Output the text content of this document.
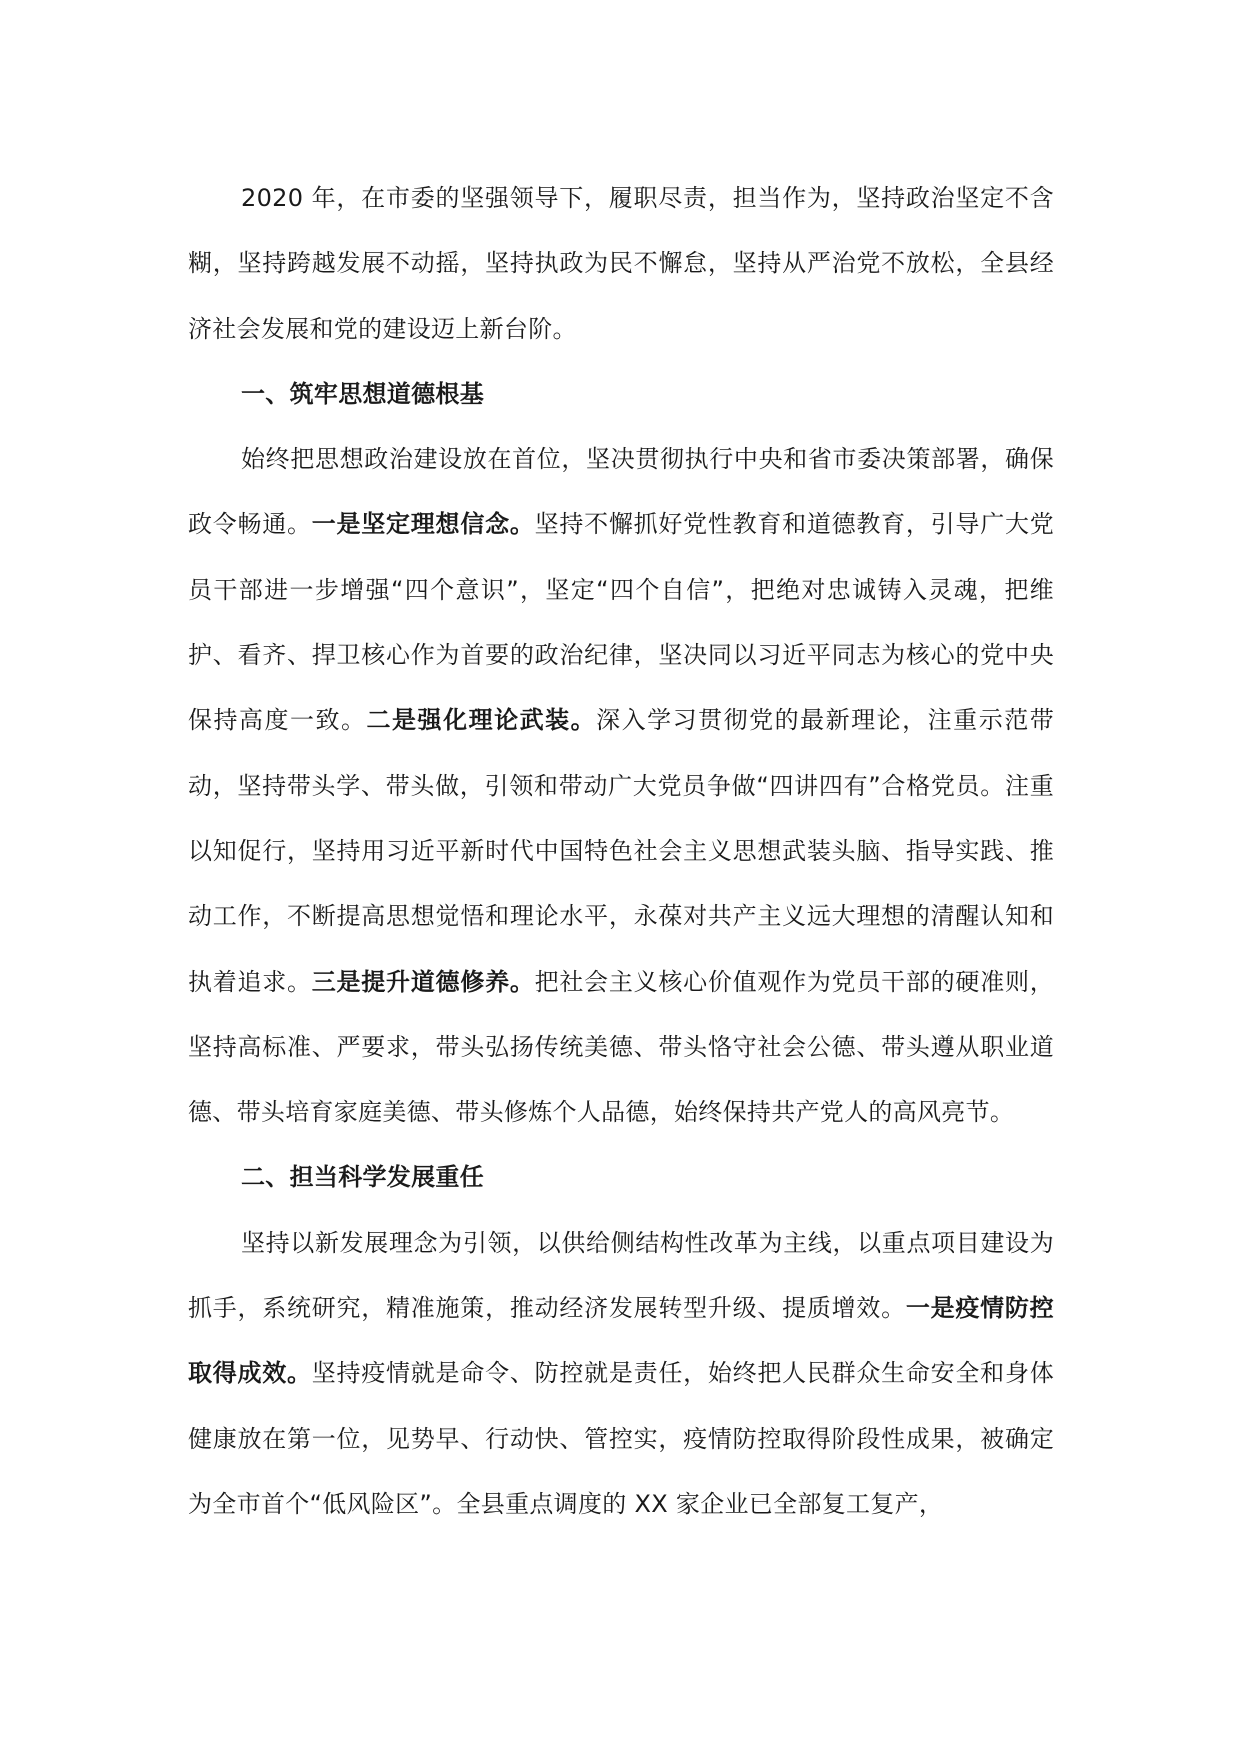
2020 年，在市委的坚强领导下，履职尽责，担当作为，坚持政治坚定不含糊，坚持跨越发展不动摇，坚持执政为民不懈怠，坚持从严治党不放松，全县经济社会发展和党的建设迈上新台阶。

一、筑牢思想道德根基

始终把思想政治建设放在首位，坚决贯彻执行中央和省市委决策部署，确保政令畅通。一是坚定理想信念。坚持不懈抓好党性教育和道德教育，引导广大党员干部进一步增强“四个意识”，坚定“四个自信”，把绝对忠诚铸入灵魂，把维护、看齐、捍卫核心作为首要的政治纪律，坚决同以习近平同志为核心的党中央保持高度一致。二是强化理论武装。深入学习贯彻党的最新理论，注重示范带动，坚持带头学、带头做，引领和带动广大党员争做“四讲四有”合格党员。注重以知促行，坚持用习近平新时代中国特色社会主义思想武装头脑、指导实践、推动工作，不断提高思想觉悟和理论水平，永葆对共产主义远大理想的清醒认知和执着追求。三是提升道德修养。把社会主义核心价值观作为党员干部的硬准则，坚持高标准、严要求，带头弘扬传统美德、带头恪守社会公德、带头遵从职业道德、带头培育家庭美德、带头修炼个人品德，始终保持共产党人的高风亮节。

二、担当科学发展重任

坚持以新发展理念为引领，以供给侧结构性改革为主线，以重点项目建设为抓手，系统研究，精准施策，推动经济发展转型升级、提质增效。一是疫情防控取得成效。坚持疫情就是命令、防控就是责任，始终把人民群众生命安全和身体健康放在第一位，见势早、行动快、管控实，疫情防控取得阶段性成果，被确定为全市首个“低风险区”。全县重点调度的 XX 家企业已全部复工复产，
